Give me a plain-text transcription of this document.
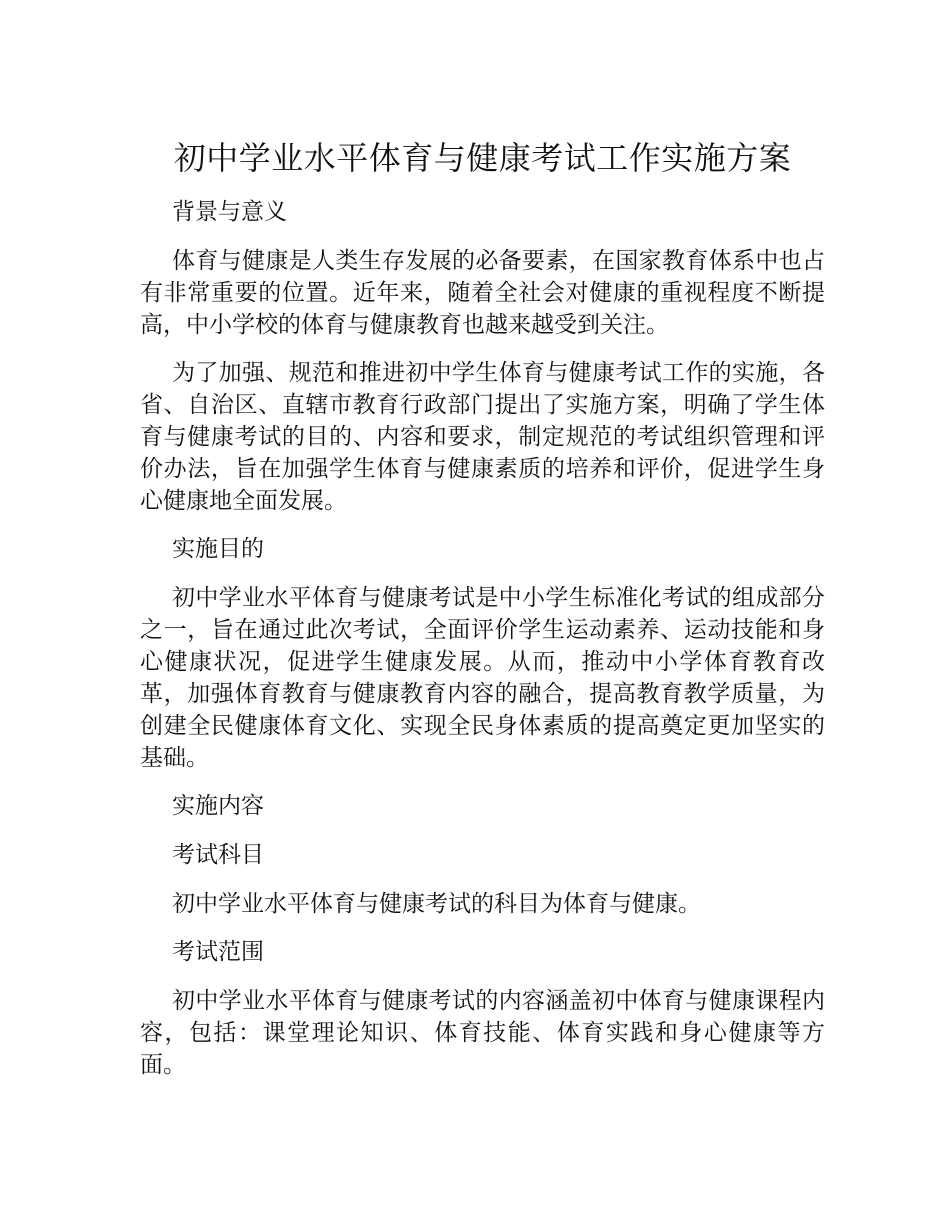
初中学业水平体育与健康考试工作实施方案

背景与意义

体育与健康是人类生存发展的必备要素，在国家教育体系中也占有非常重要的位置。近年来，随着全社会对健康的重视程度不断提高，中小学校的体育与健康教育也越来越受到关注。

为了加强、规范和推进初中学生体育与健康考试工作的实施，各省、自治区、直辖市教育行政部门提出了实施方案，明确了学生体育与健康考试的目的、内容和要求，制定规范的考试组织管理和评价办法，旨在加强学生体育与健康素质的培养和评价，促进学生身心健康地全面发展。

实施目的

初中学业水平体育与健康考试是中小学生标准化考试的组成部分之一，旨在通过此次考试，全面评价学生运动素养、运动技能和身心健康状况，促进学生健康发展。从而，推动中小学体育教育改革，加强体育教育与健康教育内容的融合，提高教育教学质量，为创建全民健康体育文化、实现全民身体素质的提高奠定更加坚实的基础。

实施内容

考试科目

初中学业水平体育与健康考试的科目为体育与健康。

考试范围

初中学业水平体育与健康考试的内容涵盖初中体育与健康课程内容，包括：课堂理论知识、体育技能、体育实践和身心健康等方面。
